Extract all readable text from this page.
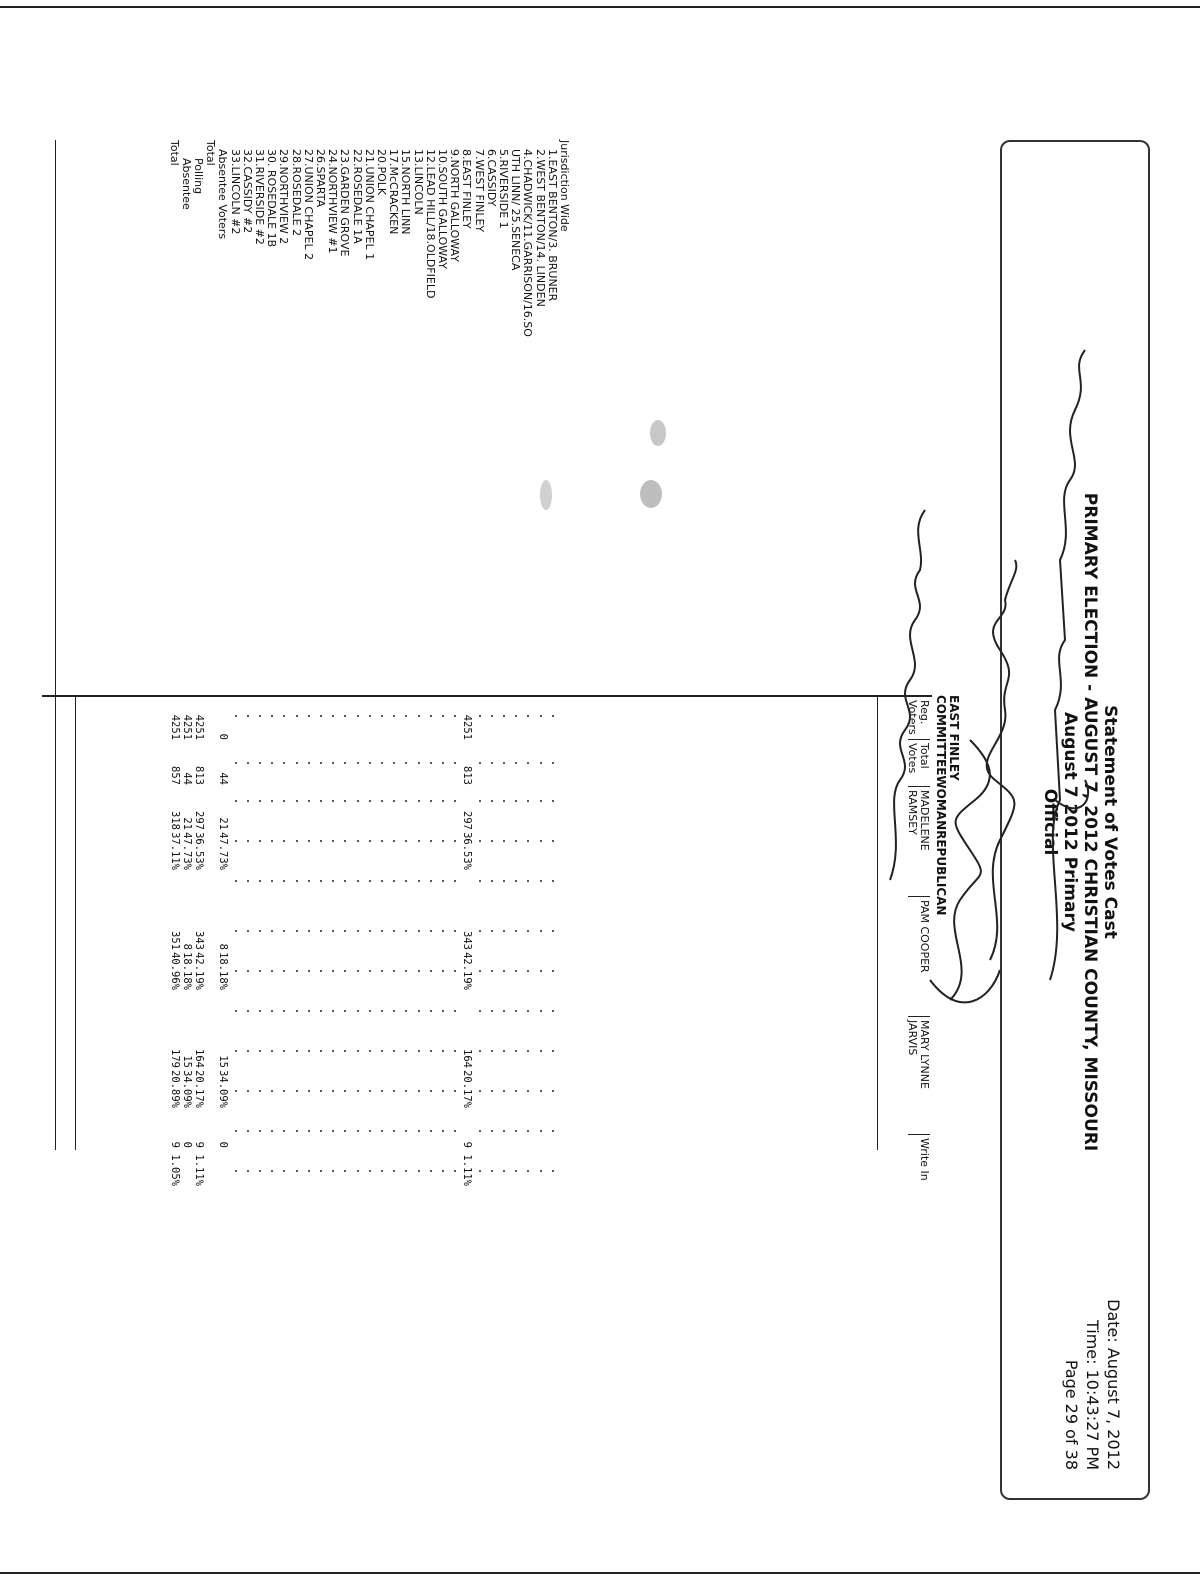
Statement of Votes Cast
PRIMARY ELECTION - AUGUST 7, 2012 CHRISTIAN COUNTY, MISSOURI
August 7 2012 Primary
Official
Date: August 7, 2012
Time: 10:43:27 PM
Page 29 of 38
EAST FINLEY
COMMITTEEWOMANREPUBLICAN
Reg.
Voters
Total
Votes
MADELENE
RAMSEY
PAM COOPER
MARY LYNNE
JARVIS
Write In
Jurisdiction Wide
1.EAST BENTON/3. BRUNER
2.WEST BENTON/14. LINDEN
4.CHADWICK/11.GARRISON/16.SO
UTH LINN/ 25.SENECA
5.RIVERSIDE 1
6.CASSIDY
7.WEST FINLEY
8.EAST FINLEY
9.NORTH GALLOWAY
10.SOUTH GALLOWAY
12.LEAD HILL/18.OLDFIELD
13.LINCOLN
15.NORTH LINN
17.McCRACKEN
20.POLK
21.UNION CHAPEL 1
22.ROSEDALE 1A
23.GARDEN GROVE
24.NORTHVIEW #1
26.SPARTA
27.UNION CHAPEL 2
28.ROSEDALE 2
29.NORTHVIEW 2
30. ROSEDALE 1B
31.RIVERSIDE #2
32.CASSIDY #2
33.LINCOLN #2
Absentee Voters
Total
Polling
Absentee
Total
4251
813
297
36.53%
343
42.19%
164
20.17%
9
1.11%
0
44
21
47.73%
8
18.18%
15
34.09%
0
4251
813
297
36.53%
343
42.19%
164
20.17%
9
1.11%
4251
44
21
47.73%
8
18.18%
15
34.09%
0
4251
857
318
37.11%
351
40.96%
179
20.89%
9
1.05%
